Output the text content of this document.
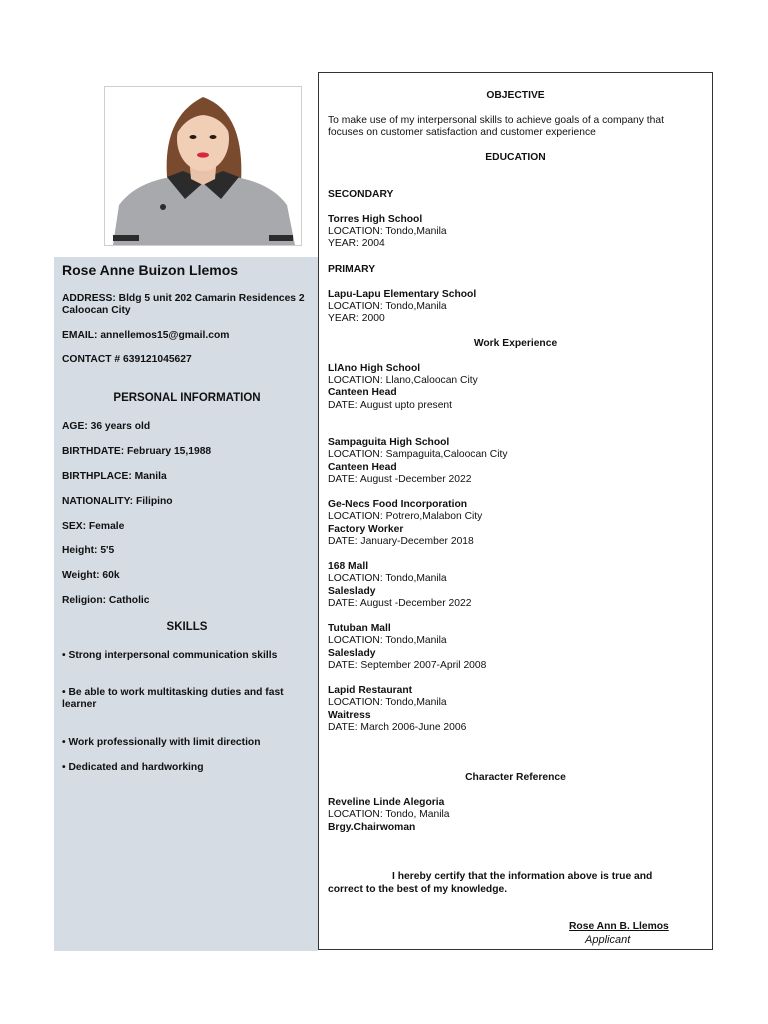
Rose Anne Buizon Llemos

ADDRESS: Bldg 5 unit 202 Camarin Residences 2

Caloocan City

EMAIL: annellemos15@gmail.com

CONTACT # 639121045627

PERSONAL INFORMATION

AGE: 36 years old

BIRTHDATE: February 15,1988

BIRTHPLACE: Manila

NATIONALITY: Filipino

SEX: Female

Height: 5'5

Weight: 60k

Religion: Catholic

SKILLS

• Strong interpersonal communication skills

• Be able to work multitasking duties and fast

learner

• Work professionally with limit direction

• Dedicated and hardworking

OBJECTIVE

To make use of my interpersonal skills to achieve goals of a company that

focuses on customer satisfaction and customer experience

EDUCATION

SECONDARY

Torres High School

LOCATION: Tondo,Manila

YEAR: 2004

PRIMARY

Lapu-Lapu Elementary School

LOCATION: Tondo,Manila

YEAR: 2000

Work Experience

LlAno High School

LOCATION: Llano,Caloocan City

Canteen Head

DATE: August upto present

Sampaguita High School

LOCATION: Sampaguita,Caloocan City

Canteen Head

DATE: August -December 2022

Ge-Necs Food Incorporation

LOCATION: Potrero,Malabon City

Factory Worker

DATE: January-December 2018

168 Mall

LOCATION: Tondo,Manila

Saleslady

DATE: August -December 2022

Tutuban Mall

LOCATION: Tondo,Manila

Saleslady

DATE: September 2007-April 2008

Lapid Restaurant

LOCATION: Tondo,Manila

Waitress

DATE: March 2006-June 2006

Character Reference

Reveline Linde Alegoria

LOCATION: Tondo, Manila

Brgy.Chairwoman

I hereby certify that the information above is true and

correct to the best of my knowledge.

Rose Ann B. Llemos

Applicant
